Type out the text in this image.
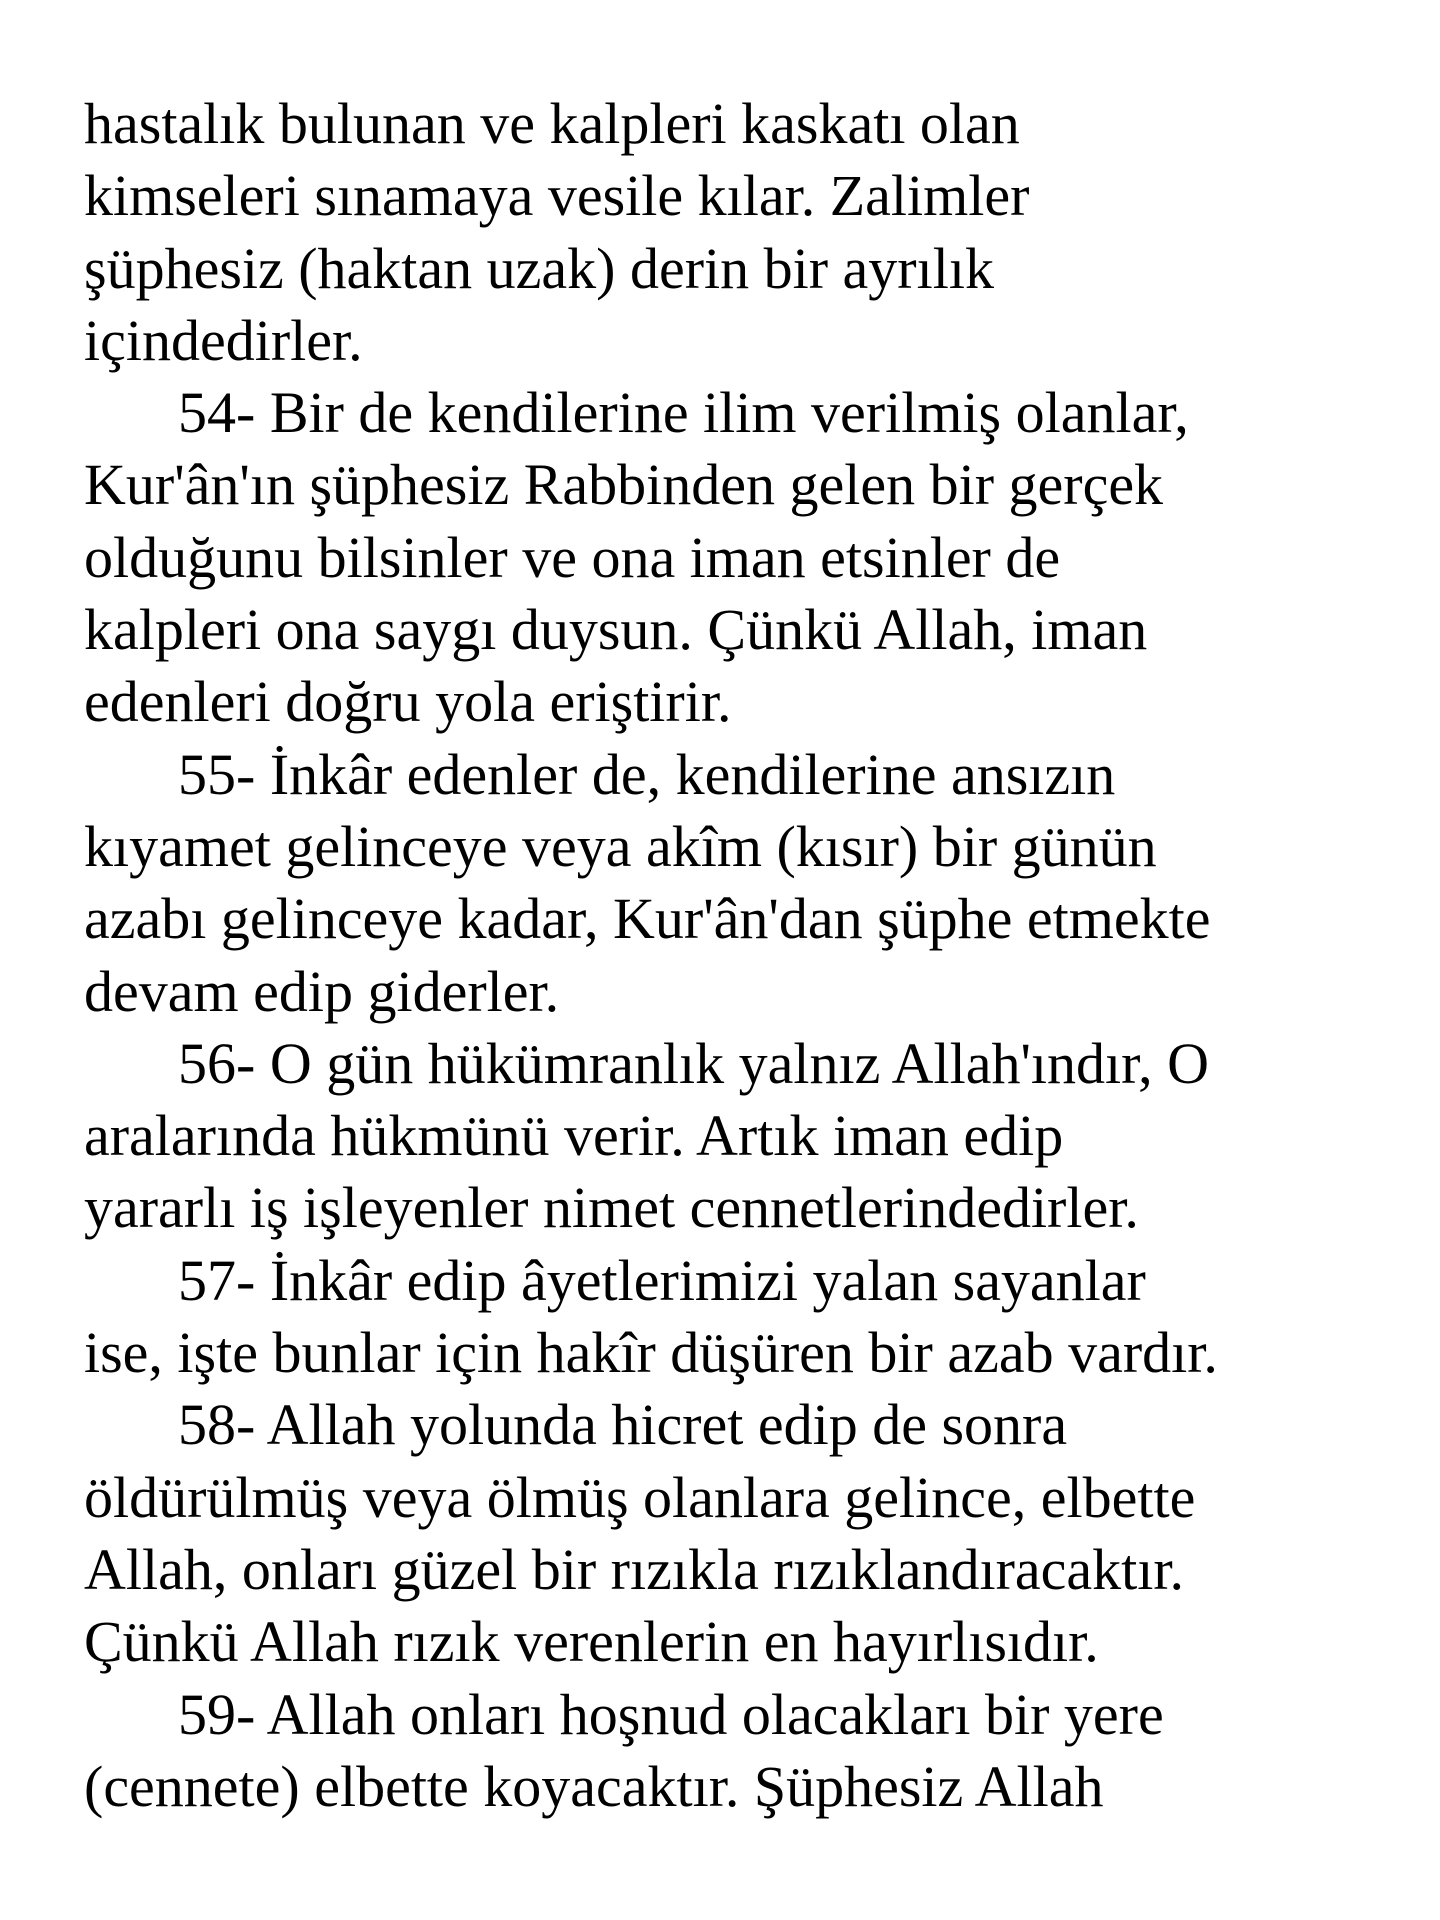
hastalık bulunan ve kalpleri kaskatı olan
kimseleri sınamaya vesile kılar. Zalimler
şüphesiz (haktan uzak) derin bir ayrılık
içindedirler.

54- Bir de kendilerine ilim verilmiş olanlar,
Kur'ân'ın şüphesiz Rabbinden gelen bir gerçek
olduğunu bilsinler ve ona iman etsinler de
kalpleri ona saygı duysun. Çünkü Allah, iman
edenleri doğru yola eriştirir.

55- İnkâr edenler de, kendilerine ansızın
kıyamet gelinceye veya akîm (kısır) bir günün
azabı gelinceye kadar, Kur'ân'dan şüphe etmekte
devam edip giderler.

56- O gün hükümranlık yalnız Allah'ındır, O
aralarında hükmünü verir. Artık iman edip
yararlı iş işleyenler nimet cennetlerindedirler.

57- İnkâr edip âyetlerimizi yalan sayanlar
ise, işte bunlar için hakîr düşüren bir azab vardır.

58- Allah yolunda hicret edip de sonra
öldürülmüş veya ölmüş olanlara gelince, elbette
Allah, onları güzel bir rızıkla rızıklandıracaktır.
Çünkü Allah rızık verenlerin en hayırlısıdır.

59- Allah onları hoşnud olacakları bir yere
(cennete) elbette koyacaktır. Şüphesiz Allah
